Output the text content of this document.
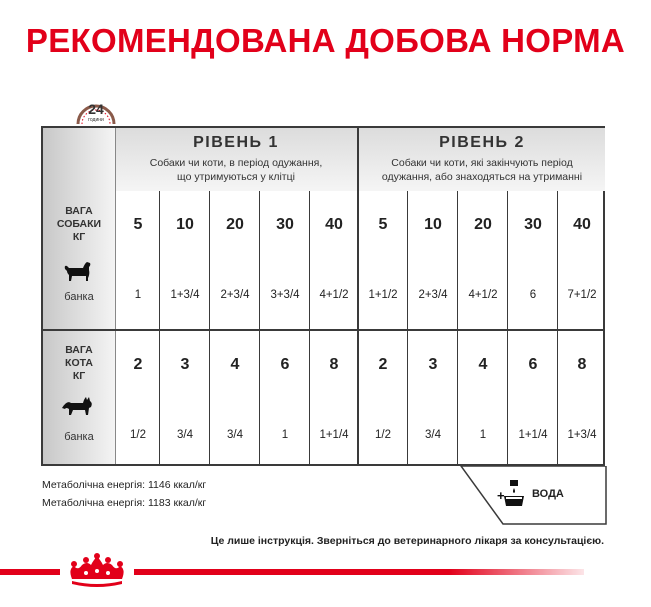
РЕКОМЕНДОВАНА ДОБОВА НОРМА
24
години
РІВЕНЬ 1
Собаки чи коти, в період одужання,
що утримуються у клітці
РІВЕНЬ 2
Собаки чи коти, які закінчують період
одужання, або знаходяться на утриманні
ВАГА
СОБАКИ
КГ
банка
ВАГА
КОТА
КГ
банка
5	10	20	30	40	5	10	20	30	40
1	1+3/4	2+3/4	3+3/4	4+1/2	1+1/2	2+3/4	4+1/2	6	7+1/2
2	3	4	6	8	2	3	4	6	8
1/2	3/4	3/4	1	1+1/4	1/2	3/4	1	1+1/4	1+3/4
Метаболічна енергія: 1146 ккал/кг
Метаболічна енергія: 1183 ккал/кг	+ ВОДА
Це лише інструкція. Зверніться до ветеринарного лікаря за консультацією.
